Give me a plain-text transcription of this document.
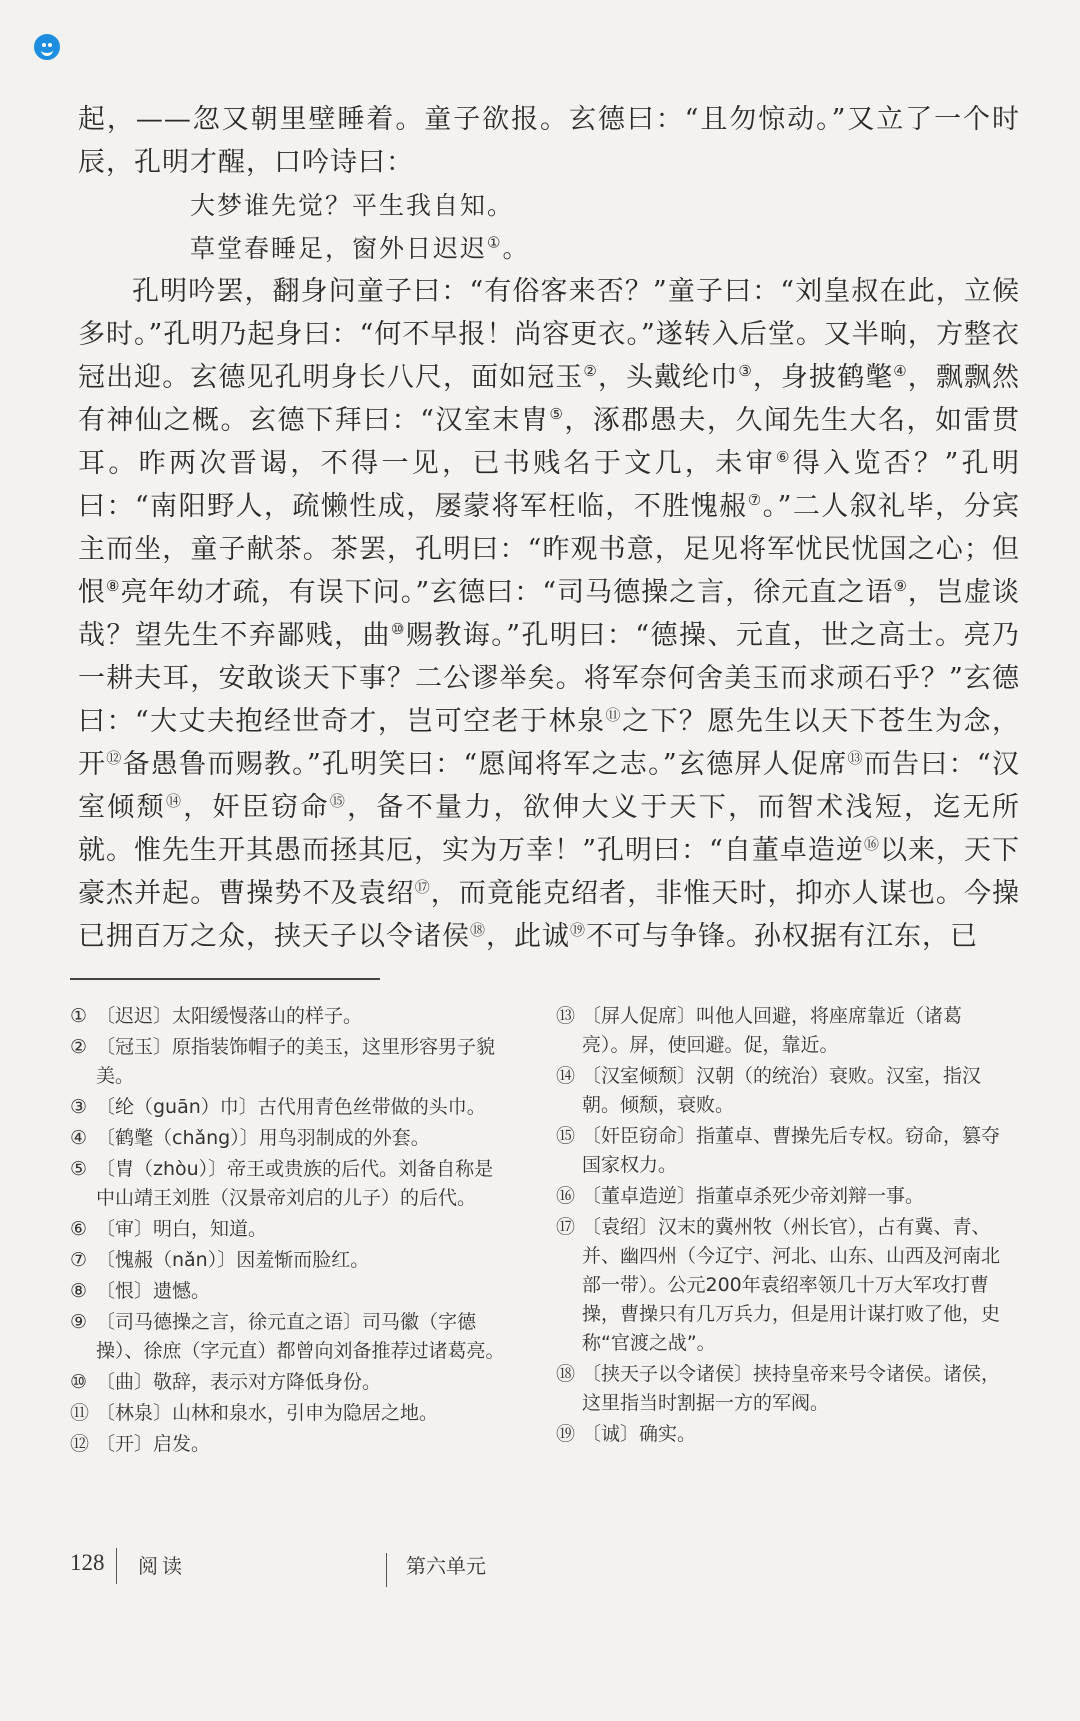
起，——忽又朝里壁睡着。童子欲报。玄德曰：“且勿惊动。”又立了一个时辰，孔明才醒，口吟诗曰：

大梦谁先觉？平生我自知。
草堂春睡足，窗外日迟迟①。

孔明吟罢，翻身问童子曰：“有俗客来否？”童子曰：“刘皇叔在此，立候多时。”孔明乃起身曰：“何不早报！尚容更衣。”遂转入后堂。又半晌，方整衣冠出迎。玄德见孔明身长八尺，面如冠玉②，头戴纶巾③，身披鹤氅④，飘飘然有神仙之概。玄德下拜曰：“汉室末胄⑤，涿郡愚夫，久闻先生大名，如雷贯耳。昨两次晋谒，不得一见，已书贱名于文几，未审⑥得入览否？”孔明曰：“南阳野人，疏懒性成，屡蒙将军枉临，不胜愧赧⑦。”二人叙礼毕，分宾主而坐，童子献茶。茶罢，孔明曰：“昨观书意，足见将军忧民忧国之心；但恨⑧亮年幼才疏，有误下问。”玄德曰：“司马德操之言，徐元直之语⑨，岂虚谈哉？望先生不弃鄙贱，曲⑩赐教诲。”孔明曰：“德操、元直，世之高士。亮乃一耕夫耳，安敢谈天下事？二公谬举矣。将军奈何舍美玉而求顽石乎？”玄德曰：“大丈夫抱经世奇才，岂可空老于林泉⑪之下？愿先生以天下苍生为念，开⑫备愚鲁而赐教。”孔明笑曰：“愿闻将军之志。”玄德屏人促席⑬而告曰：“汉室倾颓⑭，奸臣窃命⑮，备不量力，欲伸大义于天下，而智术浅短，迄无所就。惟先生开其愚而拯其厄，实为万幸！”孔明曰：“自董卓造逆⑯以来，天下豪杰并起。曹操势不及袁绍⑰，而竟能克绍者，非惟天时，抑亦人谋也。今操已拥百万之众，挟天子以令诸侯⑱，此诚⑲不可与争锋。孙权据有江东，已

① 〔迟迟〕太阳缓慢落山的样子。
② 〔冠玉〕原指装饰帽子的美玉，这里形容男子貌美。
③ 〔纶（guān）巾〕古代用青色丝带做的头巾。
④ 〔鹤氅（chǎng）〕用鸟羽制成的外套。
⑤ 〔胄（zhòu）〕帝王或贵族的后代。刘备自称是中山靖王刘胜（汉景帝刘启的儿子）的后代。
⑥ 〔审〕明白，知道。
⑦ 〔愧赧（nǎn）〕因羞惭而脸红。
⑧ 〔恨〕遗憾。
⑨ 〔司马德操之言，徐元直之语〕司马徽（字德操）、徐庶（字元直）都曾向刘备推荐过诸葛亮。
⑩ 〔曲〕敬辞，表示对方降低身份。
⑪ 〔林泉〕山林和泉水，引申为隐居之地。
⑫ 〔开〕启发。
⑬ 〔屏人促席〕叫他人回避，将座席靠近（诸葛亮）。屏，使回避。促，靠近。
⑭ 〔汉室倾颓〕汉朝（的统治）衰败。汉室，指汉朝。倾颓，衰败。
⑮ 〔奸臣窃命〕指董卓、曹操先后专权。窃命，篡夺国家权力。
⑯ 〔董卓造逆〕指董卓杀死少帝刘辩一事。
⑰ 〔袁绍〕汉末的冀州牧（州长官），占有冀、青、并、幽四州（今辽宁、河北、山东、山西及河南北部一带）。公元200年袁绍率领几十万大军攻打曹操，曹操只有几万兵力，但是用计谋打败了他，史称“官渡之战”。
⑱ 〔挟天子以令诸侯〕挟持皇帝来号令诸侯。诸侯，这里指当时割据一方的军阀。
⑲ 〔诚〕确实。
128 阅读	第六单元
